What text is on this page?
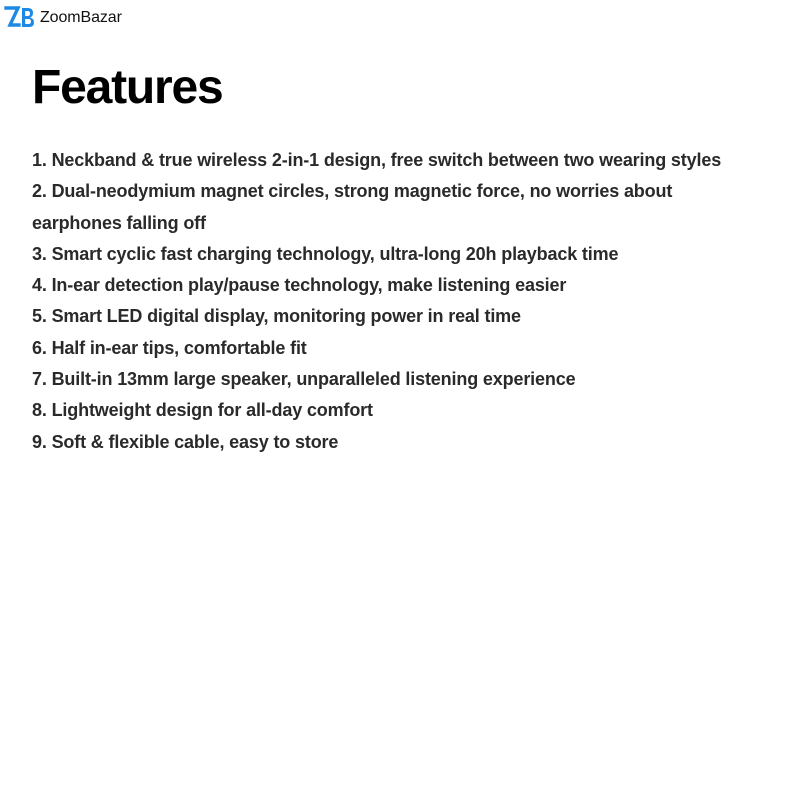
ZoomBazar
Features
1. Neckband & true wireless 2-in-1 design, free switch between two wearing styles
2. Dual-neodymium magnet circles, strong magnetic force, no worries about earphones falling off
3. Smart cyclic fast charging technology, ultra-long 20h playback time
4. In-ear detection play/pause technology, make listening easier
5. Smart LED digital display, monitoring power in real time
6. Half in-ear tips, comfortable fit
7. Built-in 13mm large speaker, unparalleled listening experience
8. Lightweight design for all-day comfort
9. Soft & flexible cable, easy to store
